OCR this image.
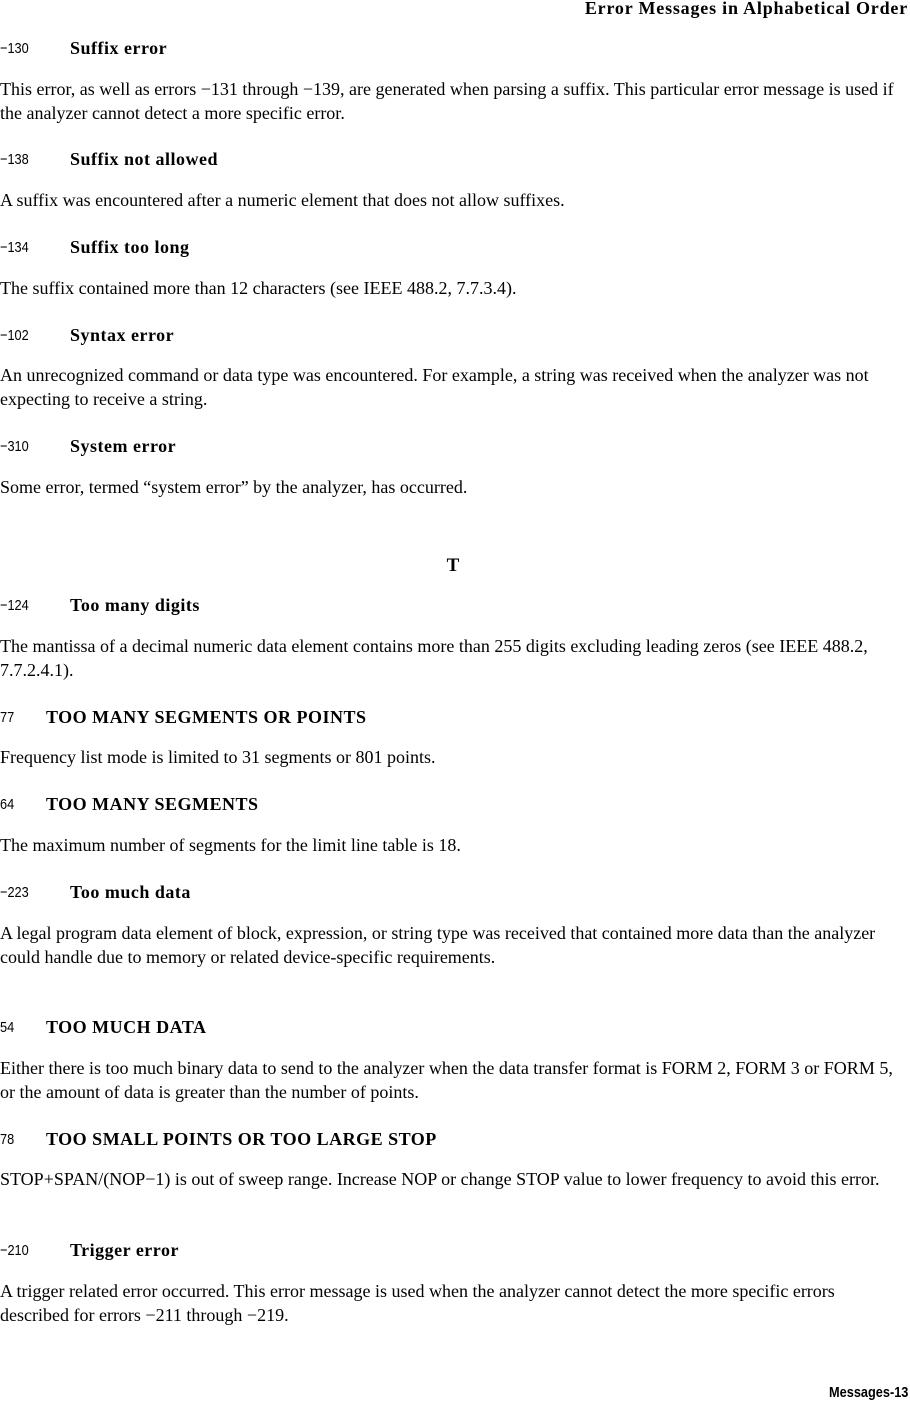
Error Messages in Alphabetical Order
−130	Suffix error

This error, as well as errors −131 through −139, are generated when parsing a suffix. This particular error message is used if the analyzer cannot detect a more specific error.

−138	Suffix not allowed

A suffix was encountered after a numeric element that does not allow suffixes.

−134	Suffix too long

The suffix contained more than 12 characters (see IEEE 488.2, 7.7.3.4).

−102	Syntax error

An unrecognized command or data type was encountered. For example, a string was received when the analyzer was not expecting to receive a string.

−310	System error

Some error, termed “system error” by the analyzer, has occurred.

T
−124	Too many digits

The mantissa of a decimal numeric data element contains more than 255 digits excluding leading zeros (see IEEE 488.2, 7.7.2.4.1).

77	TOO MANY SEGMENTS OR POINTS

Frequency list mode is limited to 31 segments or 801 points.

64	TOO MANY SEGMENTS

The maximum number of segments for the limit line table is 18.

−223	Too much data

A legal program data element of block, expression, or string type was received that contained more data than the analyzer could handle due to memory or related device-specific requirements.

54	TOO MUCH DATA

Either there is too much binary data to send to the analyzer when the data transfer format is FORM 2, FORM 3 or FORM 5, or the amount of data is greater than the number of points.

78	TOO SMALL POINTS OR TOO LARGE STOP

STOP+SPAN/(NOP−1) is out of sweep range. Increase NOP or change STOP value to lower frequency to avoid this error.

−210	Trigger error

A trigger related error occurred. This error message is used when the analyzer cannot detect the more specific errors described for errors −211 through −219.

Messages-13
